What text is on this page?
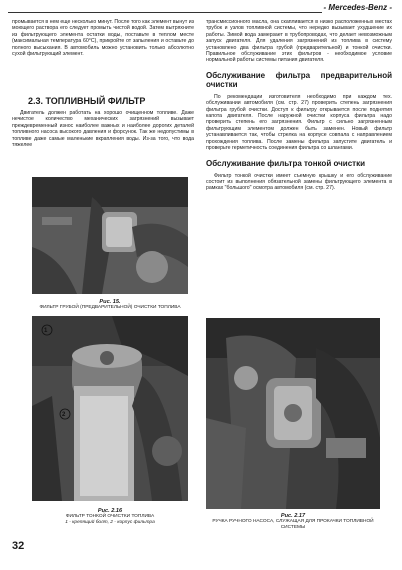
- Mercedes-Benz -

промывается в нем еще несколько минут. После того как элемент вынут из моющего раствора его следует промыть чистой водой. Затем вытряхните из фильтрующего элемента остатки воды, поставьте в теплом месте (максимальная температура 60°С), прикройте от запыления и оставьте до полного высыхания. В автомобиль можно установить только абсолютно сухой фильтрующий элемент.

2.3. ТОПЛИВНЫЙ ФИЛЬТР

Двигатель должен работать на хорошо очищенном топливе. Даже нечистое количество механических загрязнений вызывает преждевременный износ наиболее важных и наиболее дорогих деталей топливного насоса высокого давления и форсунок. Так же недопустимы в топливе даже самые маленькие вкрапления воды. Из-за того, что вода тяжелее

Рис. 15.
ФИЛЬТР ГРУБОЙ (ПРЕДВАРИТЕЛЬНОЙ) ОЧИСТКИ ТОПЛИВА
1
2
Рис. 2.16
ФИЛЬТР ТОНКОЙ ОЧИСТКИ ТОПЛИВА
1 - крепящий болт, 2 - корпус фильтра
32

трансмиссионного масла, она скапливается в низко расположенных местах трубок и узлов топливной системы, что нередко вызывает ухудшение их работы. Зимой вода замерзает в трубопроводах, что делает невозможным запуск двигателя. Для удаления загрязнений из топлива в систему установлено два фильтра грубой (предварительной) и тонкой очистки. Правильное обслуживание этих фильтров - необходимое условие нормальной работы системы питания двигателя.

Обслуживание фильтра предварительной очистки

По рекомендации изготовителя необходимо при каждом тех. обслуживании автомобиля (см. стр. 27) проверить степень загрязнения фильтра грубой очистки. Доступ к фильтру открывается после поднятия капота двигателя. После наружной очистки корпуса фильтра надо проверить степень его загрязнения. Фильтр с сильно загрязненным фильтрующим элементом должен быть заменен. Новый фильтр устанавливается так, чтобы стрелка на корпусе совпала с направлением прохождения топлива. После замены фильтра запустите двигатель и проверьте герметичность соединения фильтра со шлангами.

Обслуживание фильтра тонкой очистки

Фильтр тонкой очистки имеет съемную крышку и его обслуживание состоит из выполнения обязательной замены фильтрующего элемента в рамках "большого" осмотра автомобиля (см. стр. 27).

Рис. 2.17
РУЧКА РУЧНОГО НАСОСА, СЛУЖАЩАЯ ДЛЯ ПРОКАЧКИ ТОПЛИВНОЙ СИСТЕМЫ
